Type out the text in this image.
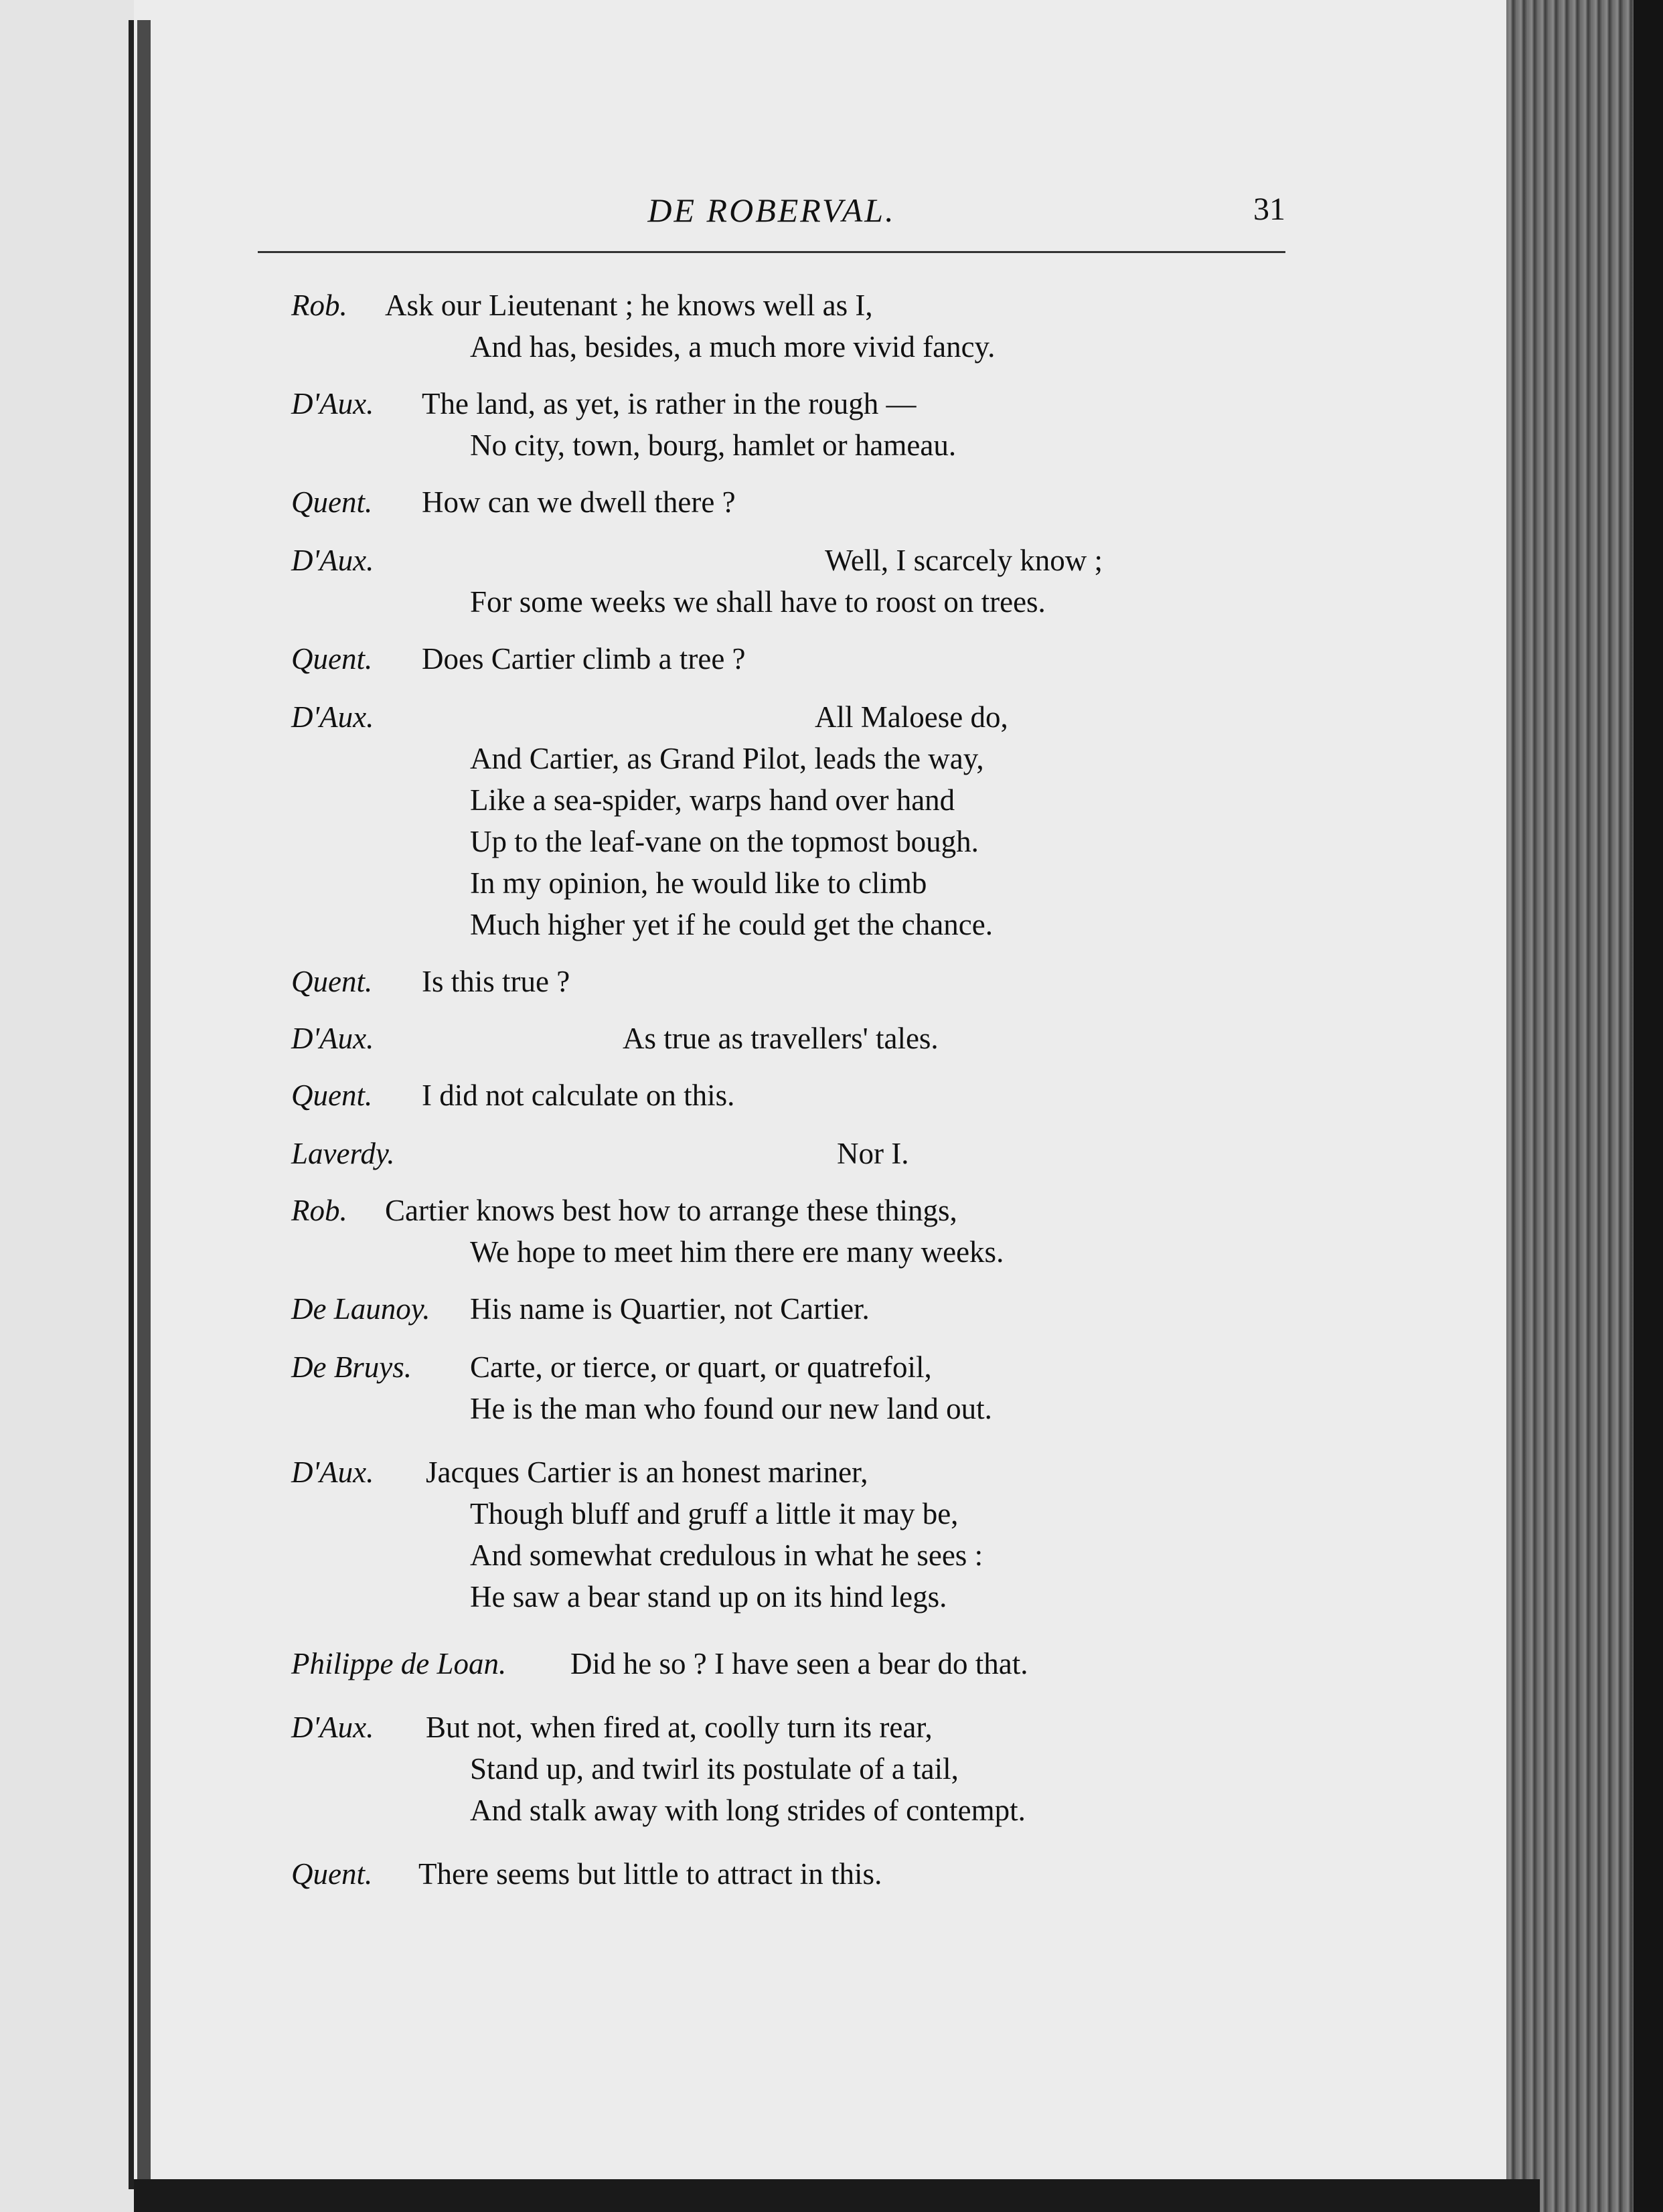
DE ROBERVAL.	31
Rob. Ask our Lieutenant ; he knows well as I,
And has, besides, a much more vivid fancy.
D'Aux. The land, as yet, is rather in the rough —
No city, town, bourg, hamlet or hameau.
Quent. How can we dwell there ?
D'Aux.	Well, I scarcely know ;
For some weeks we shall have to roost on trees.
Quent. Does Cartier climb a tree ?
D'Aux.	All Maloese do,
And Cartier, as Grand Pilot, leads the way,
Like a sea-spider, warps hand over hand
Up to the leaf-vane on the topmost bough.
In my opinion, he would like to climb
Much higher yet if he could get the chance.
Quent. Is this true ?
D'Aux.	As true as travellers' tales.
Quent. I did not calculate on this.
Laverdy.	Nor I.
Rob. Cartier knows best how to arrange these things,
We hope to meet him there ere many weeks.
De Launoy. His name is Quartier, not Cartier.
De Bruys. Carte, or tierce, or quart, or quatrefoil,
He is the man who found our new land out.
D'Aux. Jacques Cartier is an honest mariner,
Though bluff and gruff a little it may be,
And somewhat credulous in what he sees :
He saw a bear stand up on its hind legs.
Philippe de Loan. Did he so ? I have seen a bear do that.
D'Aux. But not, when fired at, coolly turn its rear,
Stand up, and twirl its postulate of a tail,
And stalk away with long strides of contempt.
Quent. There seems but little to attract in this.
